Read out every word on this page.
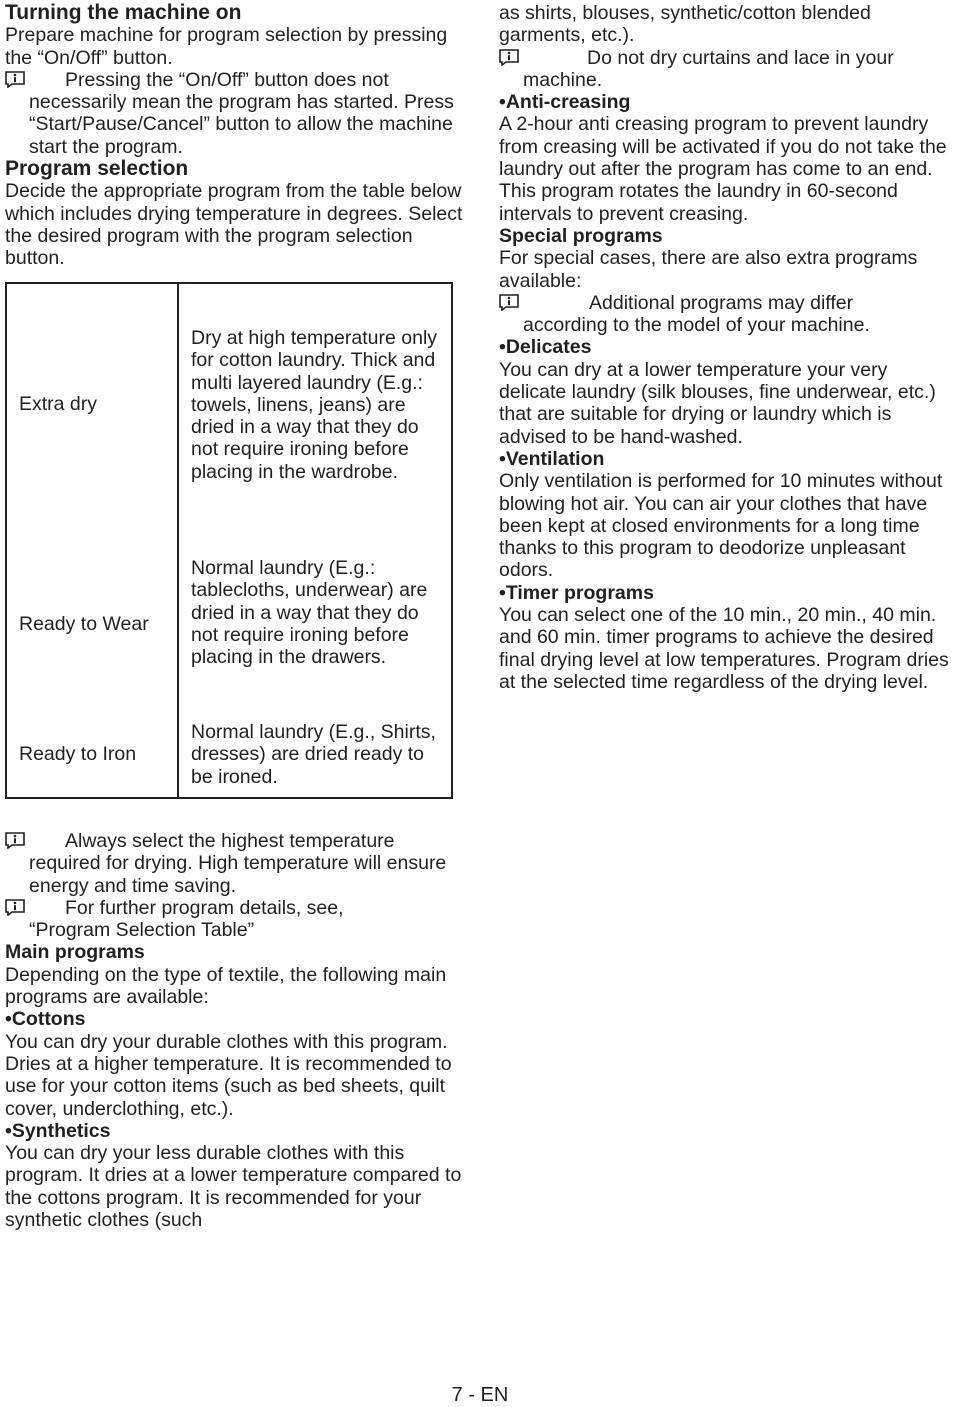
Turning the machine on

Prepare machine for program selection by pressing the “On/Off” button.

Pressing the “On/Off” button does not
necessarily mean the program has started. Press “Start/Pause/Cancel” button to allow the machine start the program.

Program selection

Decide the appropriate program from the table below which includes drying temperature in degrees. Select the desired program with the program selection button.

Extra dry
Dry at high temperature only for cotton laundry. Thick and multi layered laundry (E.g.: towels, linens, jeans) are dried in a way that they do not require ironing before placing in the wardrobe.
Ready to Wear
Normal laundry (E.g.: tablecloths, underwear) are dried in a way that they do not require ironing before placing in the drawers.
Ready to Iron
Normal laundry (E.g., Shirts, dresses) are dried ready to be ironed.
Always select the highest temperature
required for drying. High temperature will ensure energy and time saving.
For further program details, see,
“Program Selection Table”

Main programs

Depending on the type of textile, the following main programs are available:

•Cottons

You can dry your durable clothes with this program. Dries at a higher temperature. It is recommended to use for your cotton items (such as bed sheets, quilt cover, underclothing, etc.).

•Synthetics

You can dry your less durable clothes with this program. It dries at a lower temperature compared to the cottons program. It is recommended for your synthetic clothes (such

as shirts, blouses, synthetic/cotton blended garments, etc.).

Do not dry curtains and lace in your
machine.

•Anti-creasing

A 2-hour anti creasing program to prevent laundry from creasing will be activated if you do not take the laundry out after the program has come to an end. This program rotates the laundry in 60-second intervals to prevent creasing.

Special programs

For special cases, there are also extra programs available:

Additional programs may differ
according to the model of your machine.

•Delicates

You can dry at a lower temperature your very delicate laundry (silk blouses, fine underwear, etc.) that are suitable for drying or laundry which is advised to be hand-washed.

•Ventilation

Only ventilation is performed for 10 minutes without blowing hot air. You can air your clothes that have been kept at closed environments for a long time thanks to this program to deodorize unpleasant odors.

•Timer programs

You can select one of the 10 min., 20 min., 40 min. and 60 min. timer programs to achieve the desired final drying level at low temperatures. Program dries at the selected time regardless of the drying level.

7 - EN
